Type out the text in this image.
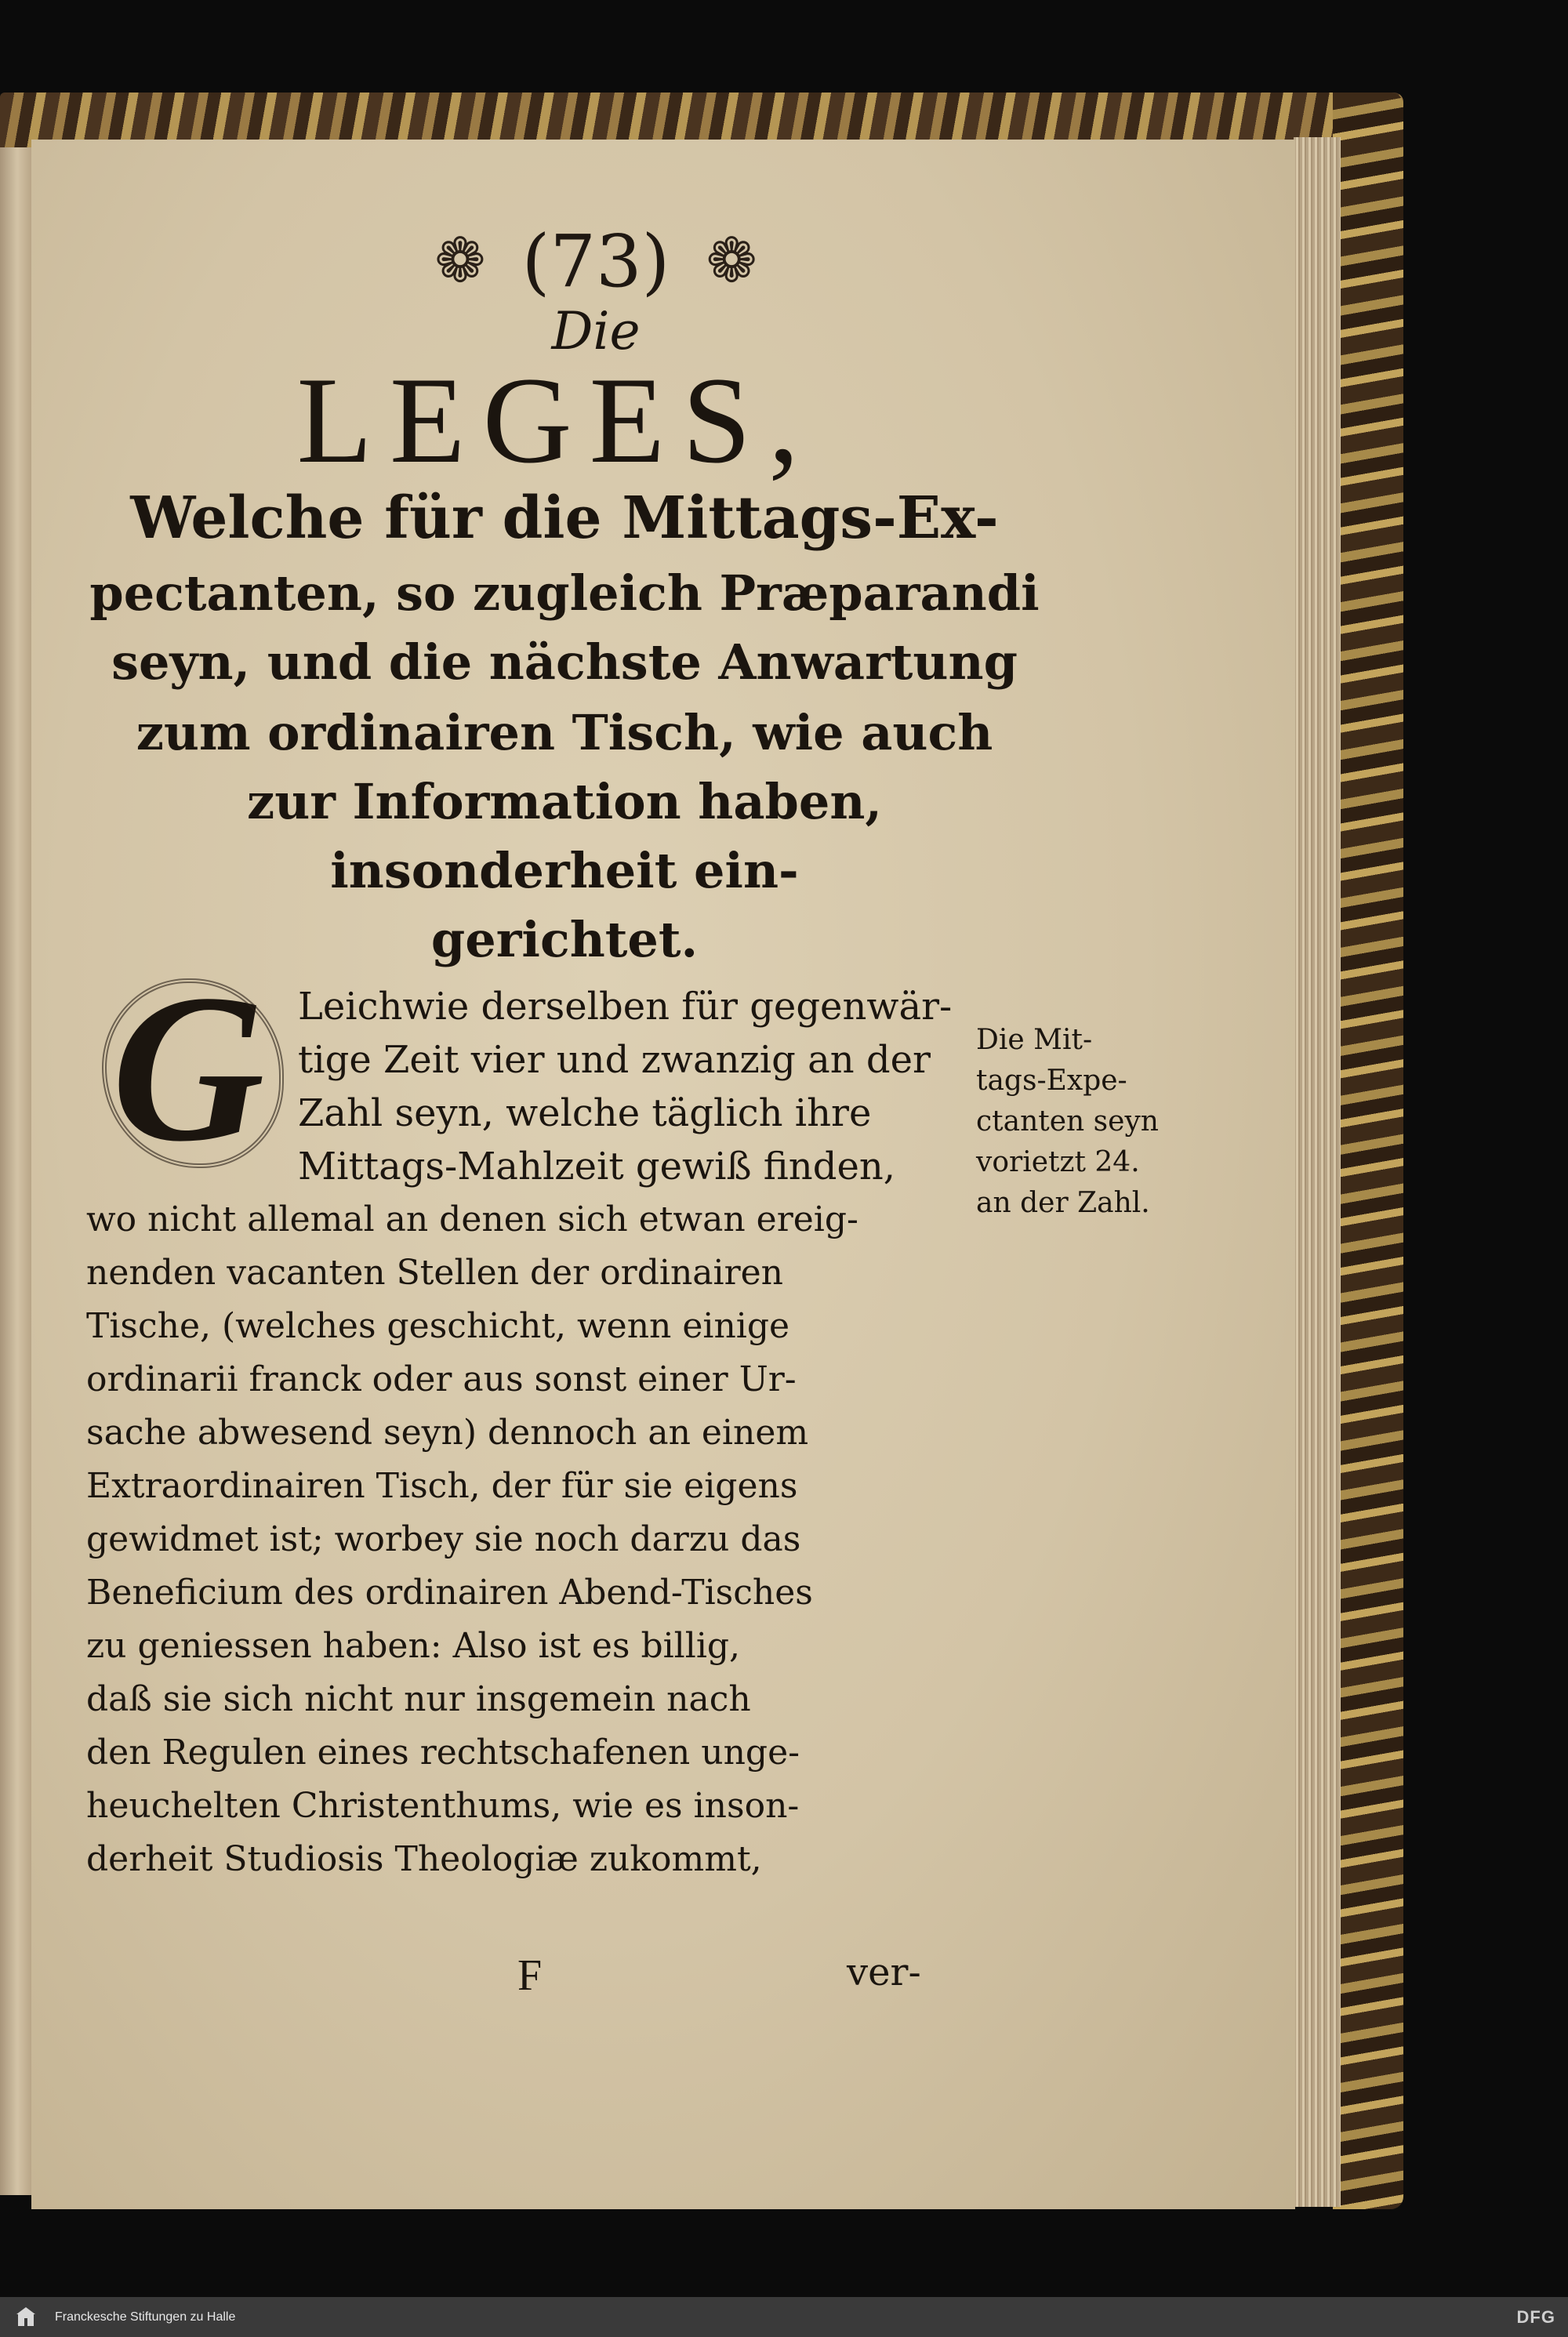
❁ (73) ❁
Die
LEGES,
Welche für die Mittags-Ex-
pectanten, so zugleich Præparandi
seyn, und die nächste Anwartung
zum ordinairen Tisch, wie auch
zur Information haben,
insonderheit ein-
gerichtet.
G Leichwie derselben für gegenwär-
tige Zeit vier und zwanzig an der
Zahl seyn, welche täglich ihre
Mittags-Mahlzeit gewiß finden,
wo nicht allemal an denen sich etwan ereig-
nenden vacanten Stellen der ordinairen
Tische, (welches geschicht, wenn einige
ordinarii franck oder aus sonst einer Ur-
sache abwesend seyn) dennoch an einem
Extraordinairen Tisch, der für sie eigens
gewidmet ist; worbey sie noch darzu das
Beneficium des ordinairen Abend-Tisches
zu geniessen haben: Also ist es billig,
daß sie sich nicht nur insgemein nach
den Regulen eines rechtschafenen unge-
heuchelten Christenthums, wie es inson-
derheit Studiosis Theologiæ zukommt,
Die Mit-
tags-Expe-
ctanten seyn
vorietzt 24.
an der Zahl.
F	ver-
Franckesche Stiftungen zu Halle	DFG
